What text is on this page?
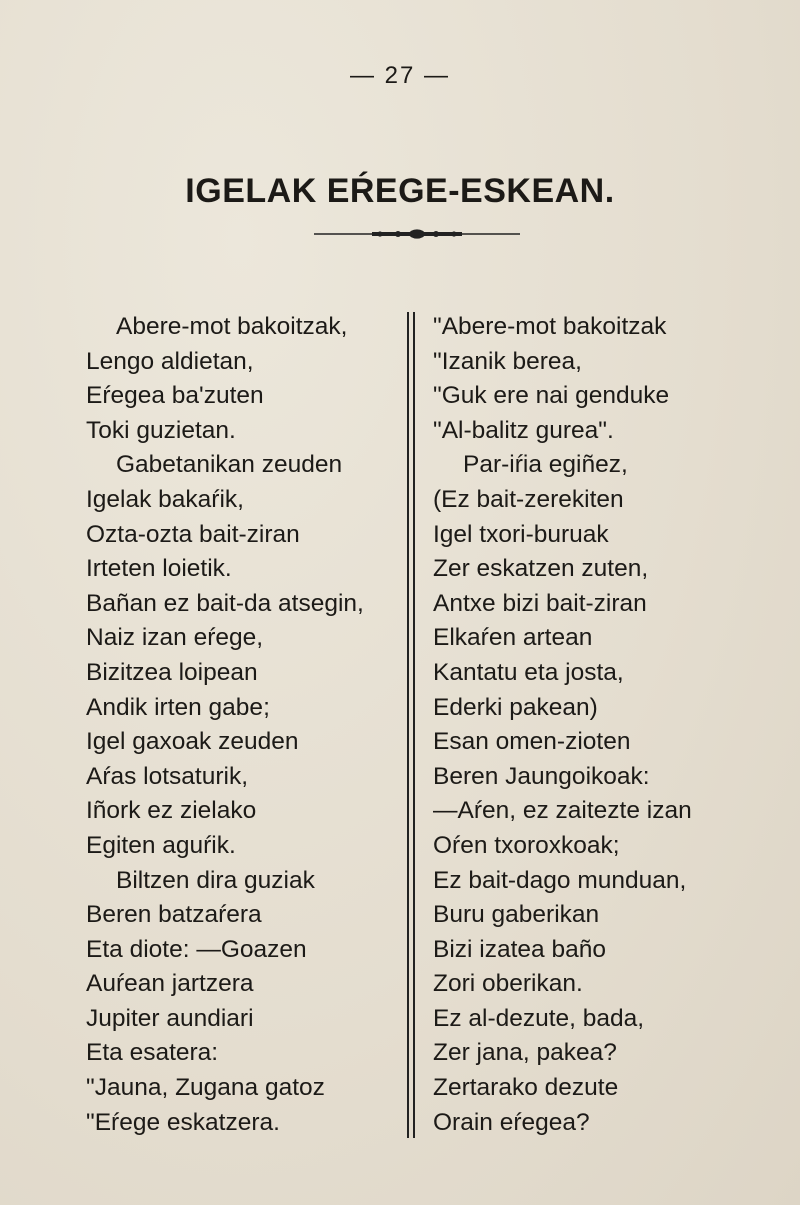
— 27 —
IGELAK EŔEGE-ESKEAN.
Abere-mot bakoitzak,
Lengo aldietan,
Eŕegea ba'zuten
Toki guzietan.
Gabetanikan zeuden
Igelak bakaŕik,
Ozta-ozta bait-ziran
Irteten loietik.
Bañan ez bait-da atsegin,
Naiz izan eŕege,
Bizitzea loipean
Andik irten gabe;
Igel gaxoak zeuden
Aŕas lotsaturik,
Iñork ez zielako
Egiten aguŕik.
Biltzen dira guziak
Beren batzaŕera
Eta diote: —Goazen
Auŕean jartzera
Jupiter aundiari
Eta esatera:
"Jauna, Zugana gatoz
"Eŕege eskatzera.
"Abere-mot bakoitzak
"Izanik berea,
"Guk ere nai genduke
"Al-balitz gurea".
Par-iŕia egiñez,
(Ez bait-zerekiten
Igel txori-buruak
Zer eskatzen zuten,
Antxe bizi bait-ziran
Elkaŕen artean
Kantatu eta josta,
Ederki pakean)
Esan omen-zioten
Beren Jaungoikoak:
—Aŕen, ez zaitezte izan
Oŕen txoroxkoak;
Ez bait-dago munduan,
Buru gaberikan
Bizi izatea baño
Zori oberikan.
Ez al-dezute, bada,
Zer jana, pakea?
Zertarako dezute
Orain eŕegea?
